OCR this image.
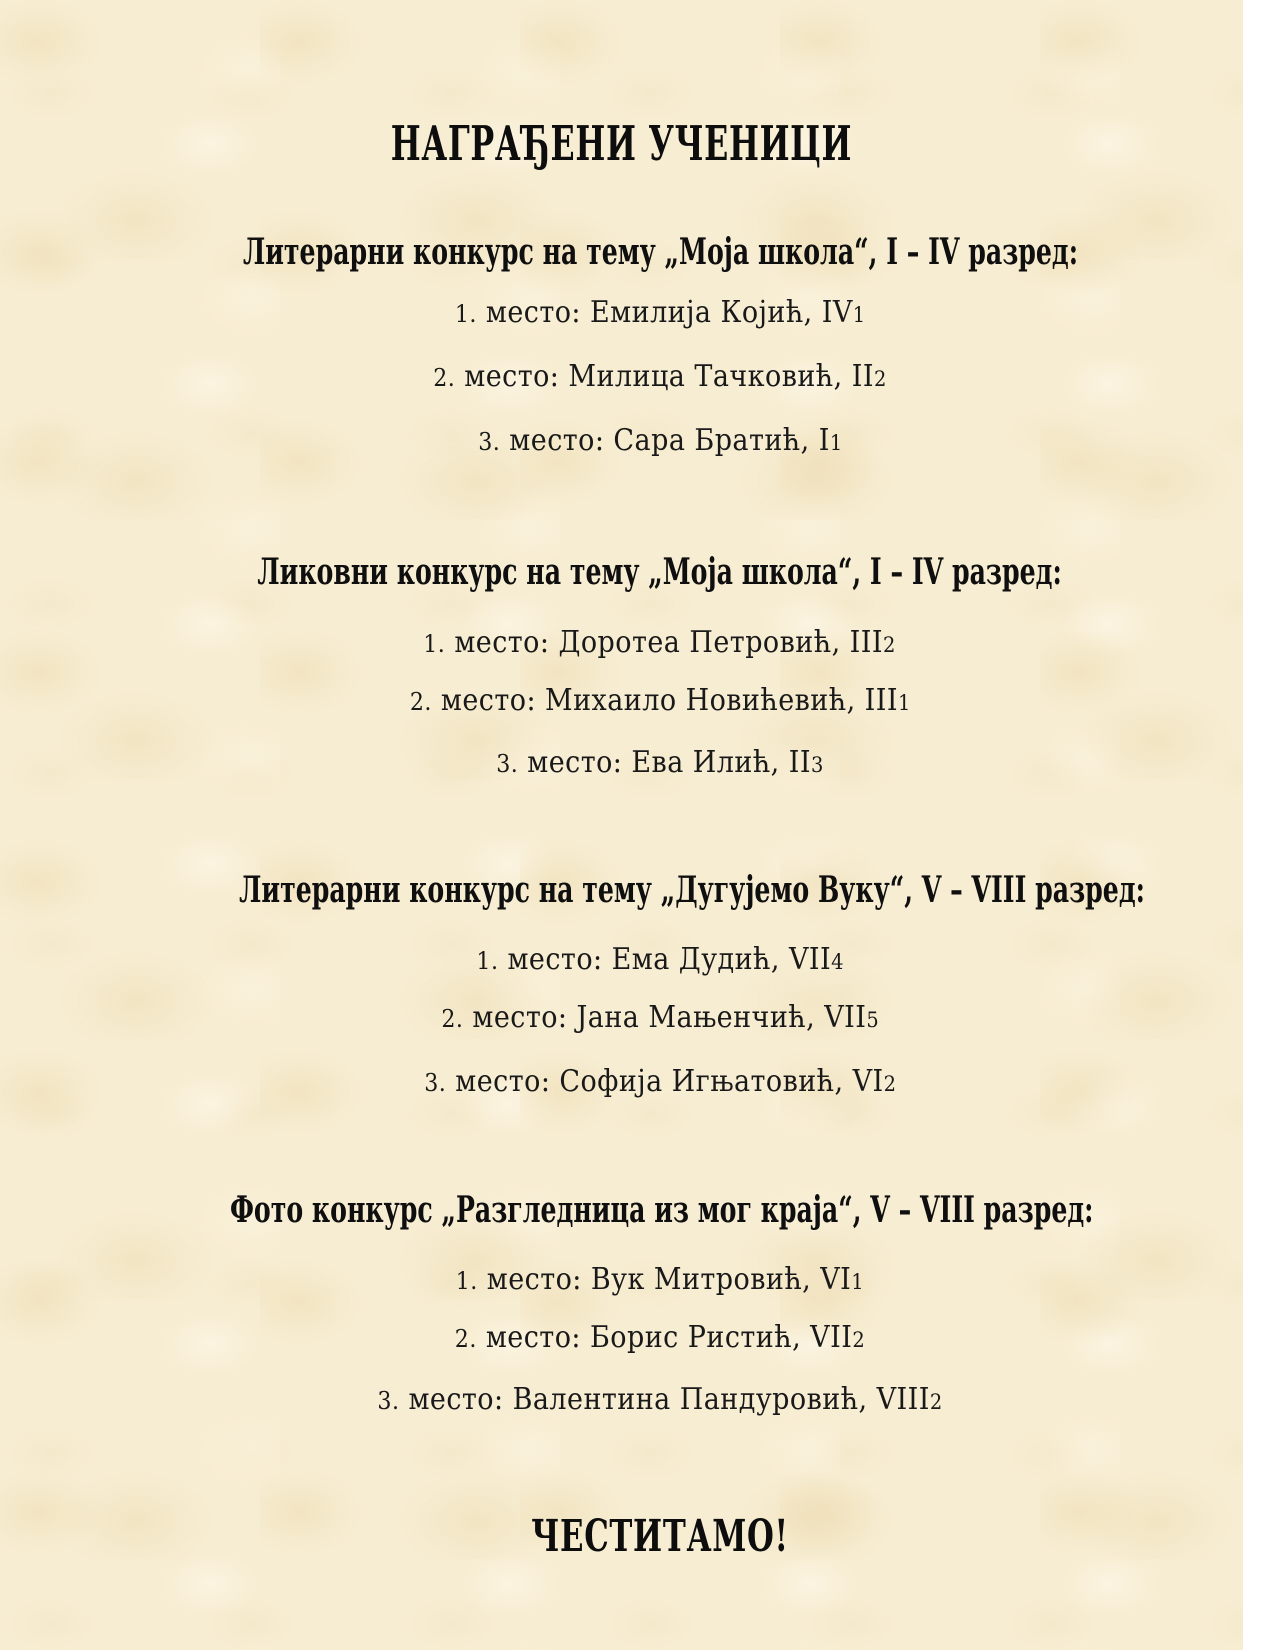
НАГРАЂЕНИ УЧЕНИЦИ
Литерарни конкурс на тему „Моја школа“, I – IV разред:
1. место: Емилија Којић, IV1
2. место: Милица Тачковић, II2
3. место: Сара Братић, I1
Ликовни конкурс на тему „Моја школа“, I – IV разред:
1. место: Доротеа Петровић, III2
2. место: Михаило Новићевић, III1
3. место: Ева Илић, II3
Литерарни конкурс на тему „Дугујемо Вуку“, V – VIII разред:
1. место: Ема Дудић, VII4
2. место: Јана Мањенчић, VII5
3. место: Софија Игњатовић, VI2
Фото конкурс „Разгледница из мог краја“, V – VIII разред:
1. место: Вук Митровић, VI1
2. место: Борис Ристић, VII2
3. место: Валентина Пандуровић, VIII2
ЧЕСТИТАМО!
